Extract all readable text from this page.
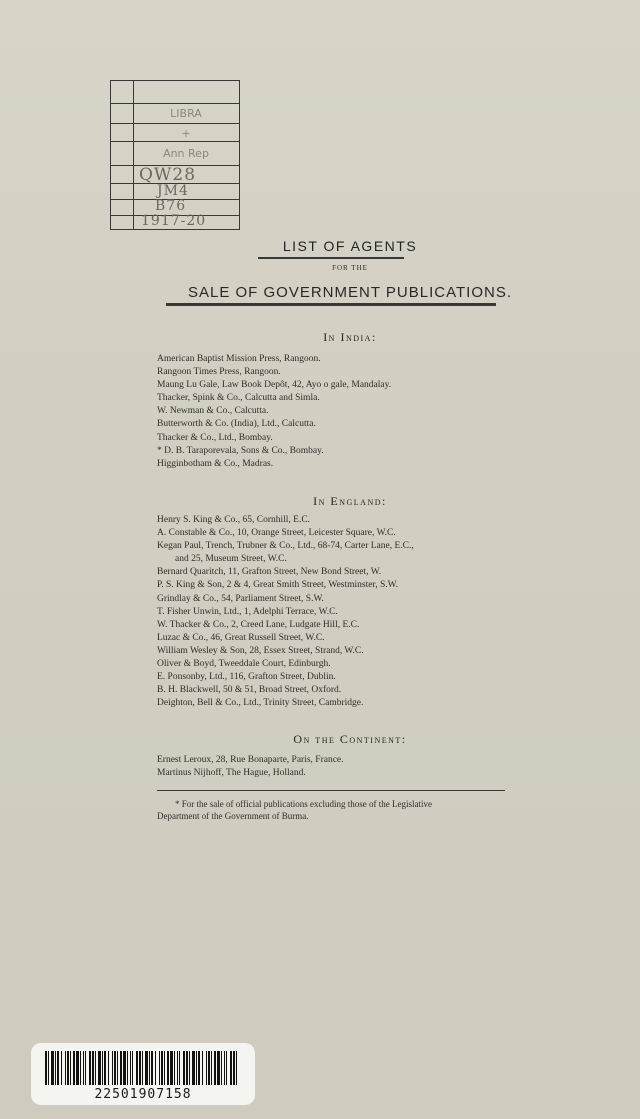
LIBRA
+
Ann Rep
QW28
JM4
B76
1917-20
LIST OF AGENTS
FOR THE
SALE OF GOVERNMENT PUBLICATIONS.
In India:
American Baptist Mission Press, Rangoon.
Rangoon Times Press, Rangoon.
Maung Lu Gale, Law Book Depôt, 42, Ayo o gale, Mandalay.
Thacker, Spink & Co., Calcutta and Simla.
W. Newman & Co., Calcutta.
Butterworth & Co. (India), Ltd., Calcutta.
Thacker & Co., Ltd., Bombay.
* D. B. Taraporevala, Sons & Co., Bombay.
Higginbotham & Co., Madras.
In England:
Henry S. King & Co., 65, Cornhill, E.C.
A. Constable & Co., 10, Orange Street, Leicester Square, W.C.
Kegan Paul, Trench, Trubner & Co., Ltd., 68-74, Carter Lane, E.C.,
and 25, Museum Street, W.C.
Bernard Quaritch, 11, Grafton Street, New Bond Street, W.
P. S. King & Son, 2 & 4, Great Smith Street, Westminster, S.W.
Grindlay & Co., 54, Parliament Street, S.W.
T. Fisher Unwin, Ltd., 1, Adelphi Terrace, W.C.
W. Thacker & Co., 2, Creed Lane, Ludgate Hill, E.C.
Luzac & Co., 46, Great Russell Street, W.C.
William Wesley & Son, 28, Essex Street, Strand, W.C.
Oliver & Boyd, Tweeddale Court, Edinburgh.
E. Ponsonby, Ltd., 116, Grafton Street, Dublin.
B. H. Blackwell, 50 & 51, Broad Street, Oxford.
Deighton, Bell & Co., Ltd., Trinity Street, Cambridge.
On the Continent:
Ernest Leroux, 28, Rue Bonaparte, Paris, France.
Martinus Nijhoff, The Hague, Holland.
* For the sale of official publications excluding those of the Legislative
Department of the Government of Burma.
22501907158
